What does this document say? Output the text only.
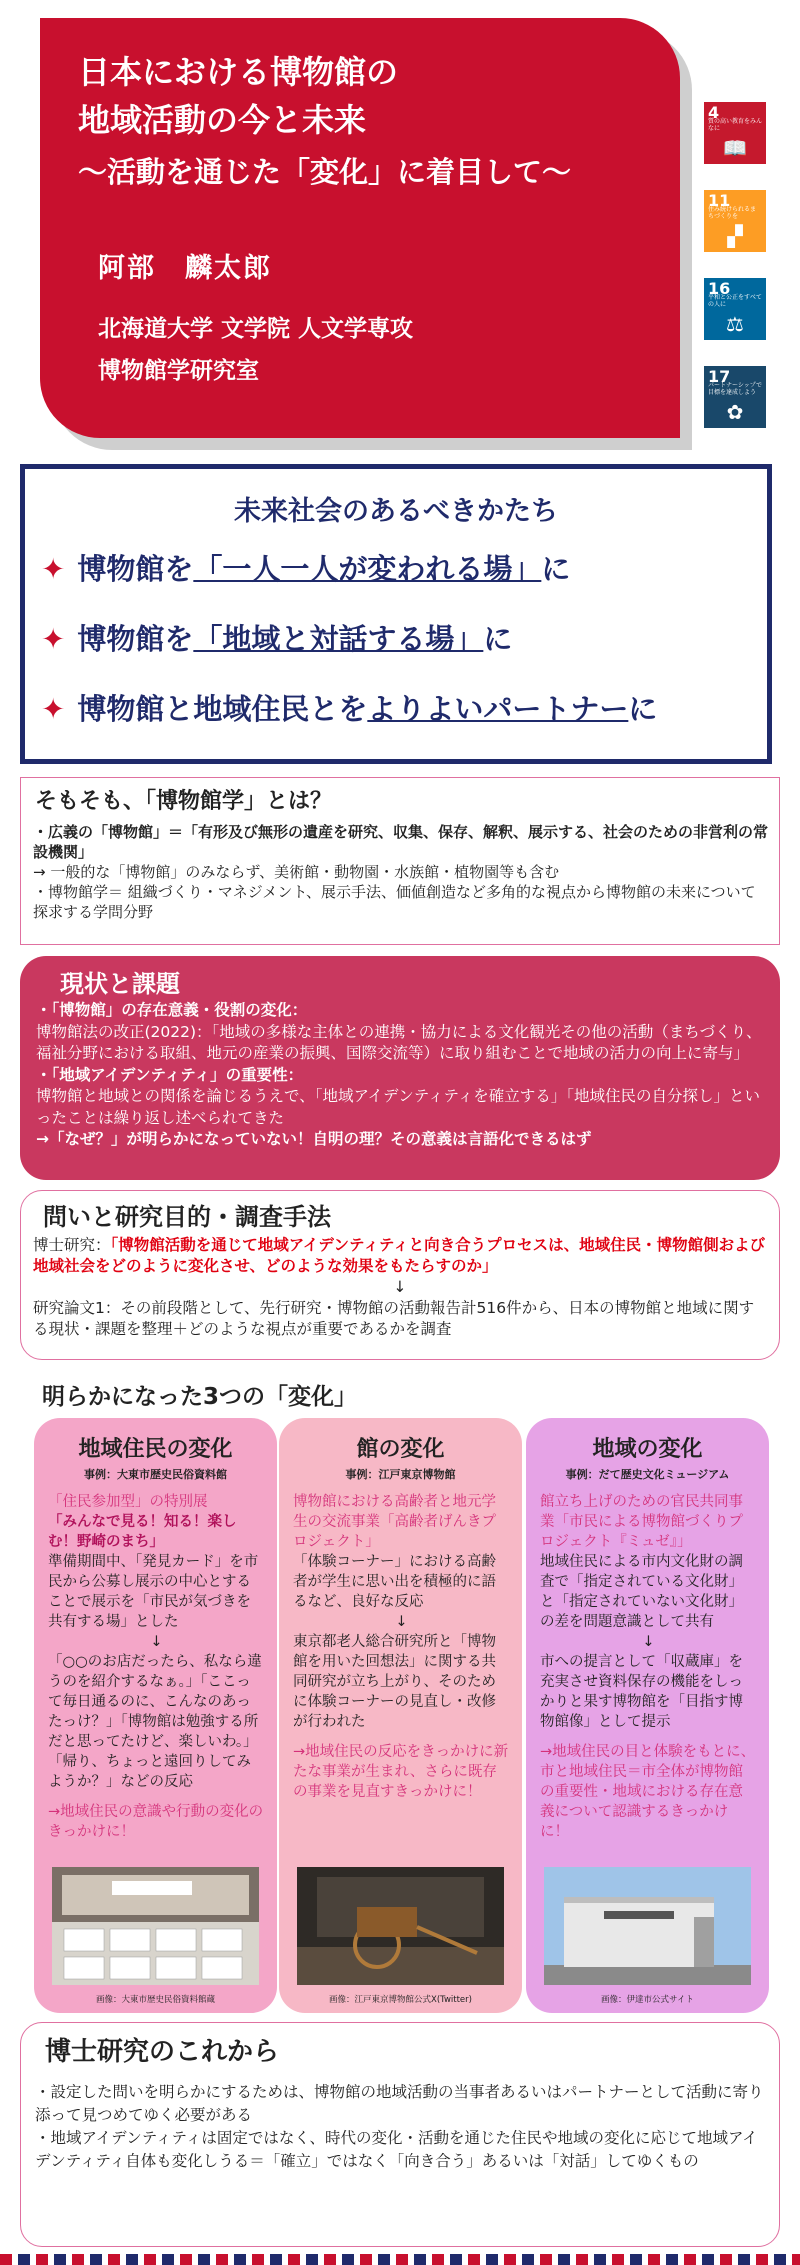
日本における博物館の
地域活動の今と未来
〜活動を通じた「変化」に着目して〜
阿部　麟太郎
北海道大学 文学院 人文学専攻
博物館学研究室
4
質の高い教育をみんなに
📖
11
住み続けられるまちづくりを
▞
16
平和と公正をすべての人に
⚖
17
パートナーシップで目標を達成しよう
✿
未来社会のあるべきかたち
✦ 博物館を「一人一人が変われる場」に
✦ 博物館を「地域と対話する場」に
✦ 博物館と地域住民とをよりよいパートナーに
そもそも、「博物館学」とは？
・広義の「博物館」＝「有形及び無形の遺産を研究、収集、保存、解釈、展示する、社会のための非営利の常設機関」
→ 一般的な「博物館」のみならず、美術館・動物園・水族館・植物園等も含む
・博物館学＝ 組織づくり・マネジメント、展示手法、価値創造など多角的な視点から博物館の未来について探求する学問分野
現状と課題
・「博物館」の存在意義・役割の変化：
博物館法の改正(2022)：「地域の多様な主体との連携・協力による文化観光その他の活動（まちづくり、福祉分野における取組、地元の産業の振興、国際交流等）に取り組むことで地域の活力の向上に寄与」
・「地域アイデンティティ」の重要性：
博物館と地域との関係を論じるうえで、「地域アイデンティティを確立する」「地域住民の自分探し」といったことは繰り返し述べられてきた
→「なぜ？」が明らかになっていない！自明の理？その意義は言語化できるはず
問いと研究目的・調査手法
博士研究：「博物館活動を通じて地域アイデンティティと向き合うプロセスは、地域住民・博物館側および地域社会をどのように変化させ、どのような効果をもたらすのか」
↓
研究論文1：その前段階として、先行研究・博物館の活動報告計516件から、日本の博物館と地域に関する現状・課題を整理＋どのような視点が重要であるかを調査
明らかになった3つの「変化」
地域住民の変化
事例：大東市歴史民俗資料館
「住民参加型」の特別展
「みんなで見る！知る！楽しむ！野崎のまち」
準備期間中、「発見カード」を市民から公募し展示の中心とすることで展示を「市民が気づきを共有する場」とした
↓
「○○のお店だったら、私なら違うのを紹介するなぁ。」「ここって毎日通るのに、こんなのあったっけ？」「博物館は勉強する所だと思ってたけど、楽しいわ。」「帰り、ちょっと遠回りしてみようか？」などの反応
→地域住民の意識や行動の変化のきっかけに！
画像：大東市歴史民俗資料館蔵
館の変化
事例：江戸東京博物館
博物館における高齢者と地元学生の交流事業「高齢者げんきプロジェクト」
「体験コーナー」における高齢者が学生に思い出を積極的に語るなど、良好な反応
↓
東京都老人総合研究所と「博物館を用いた回想法」に関する共同研究が立ち上がり、そのために体験コーナーの見直し・改修が行われた
→地域住民の反応をきっかけに新たな事業が生まれ、さらに既存の事業を見直すきっかけに！
画像：江戸東京博物館公式X(Twitter)
地域の変化
事例：だて歴史文化ミュージアム
館立ち上げのための官民共同事業「市民による博物館づくりプロジェクト『ミュゼ』」
地域住民による市内文化財の調査で「指定されている文化財」と「指定されていない文化財」の差を問題意識として共有
↓
市への提言として「収蔵庫」を充実させ資料保存の機能をしっかりと果す博物館を「目指す博物館像」として提示
→地域住民の目と体験をもとに、市と地域住民＝市全体が博物館の重要性・地域における存在意義について認識するきっかけに！
画像：伊達市公式サイト
博士研究のこれから
・設定した問いを明らかにするためは、博物館の地域活動の当事者あるいはパートナーとして活動に寄り添って見つめてゆく必要がある
・地域アイデンティティは固定ではなく、時代の変化・活動を通じた住民や地域の変化に応じて地域アイデンティティ自体も変化しうる＝「確立」ではなく「向き合う」あるいは「対話」してゆくもの
